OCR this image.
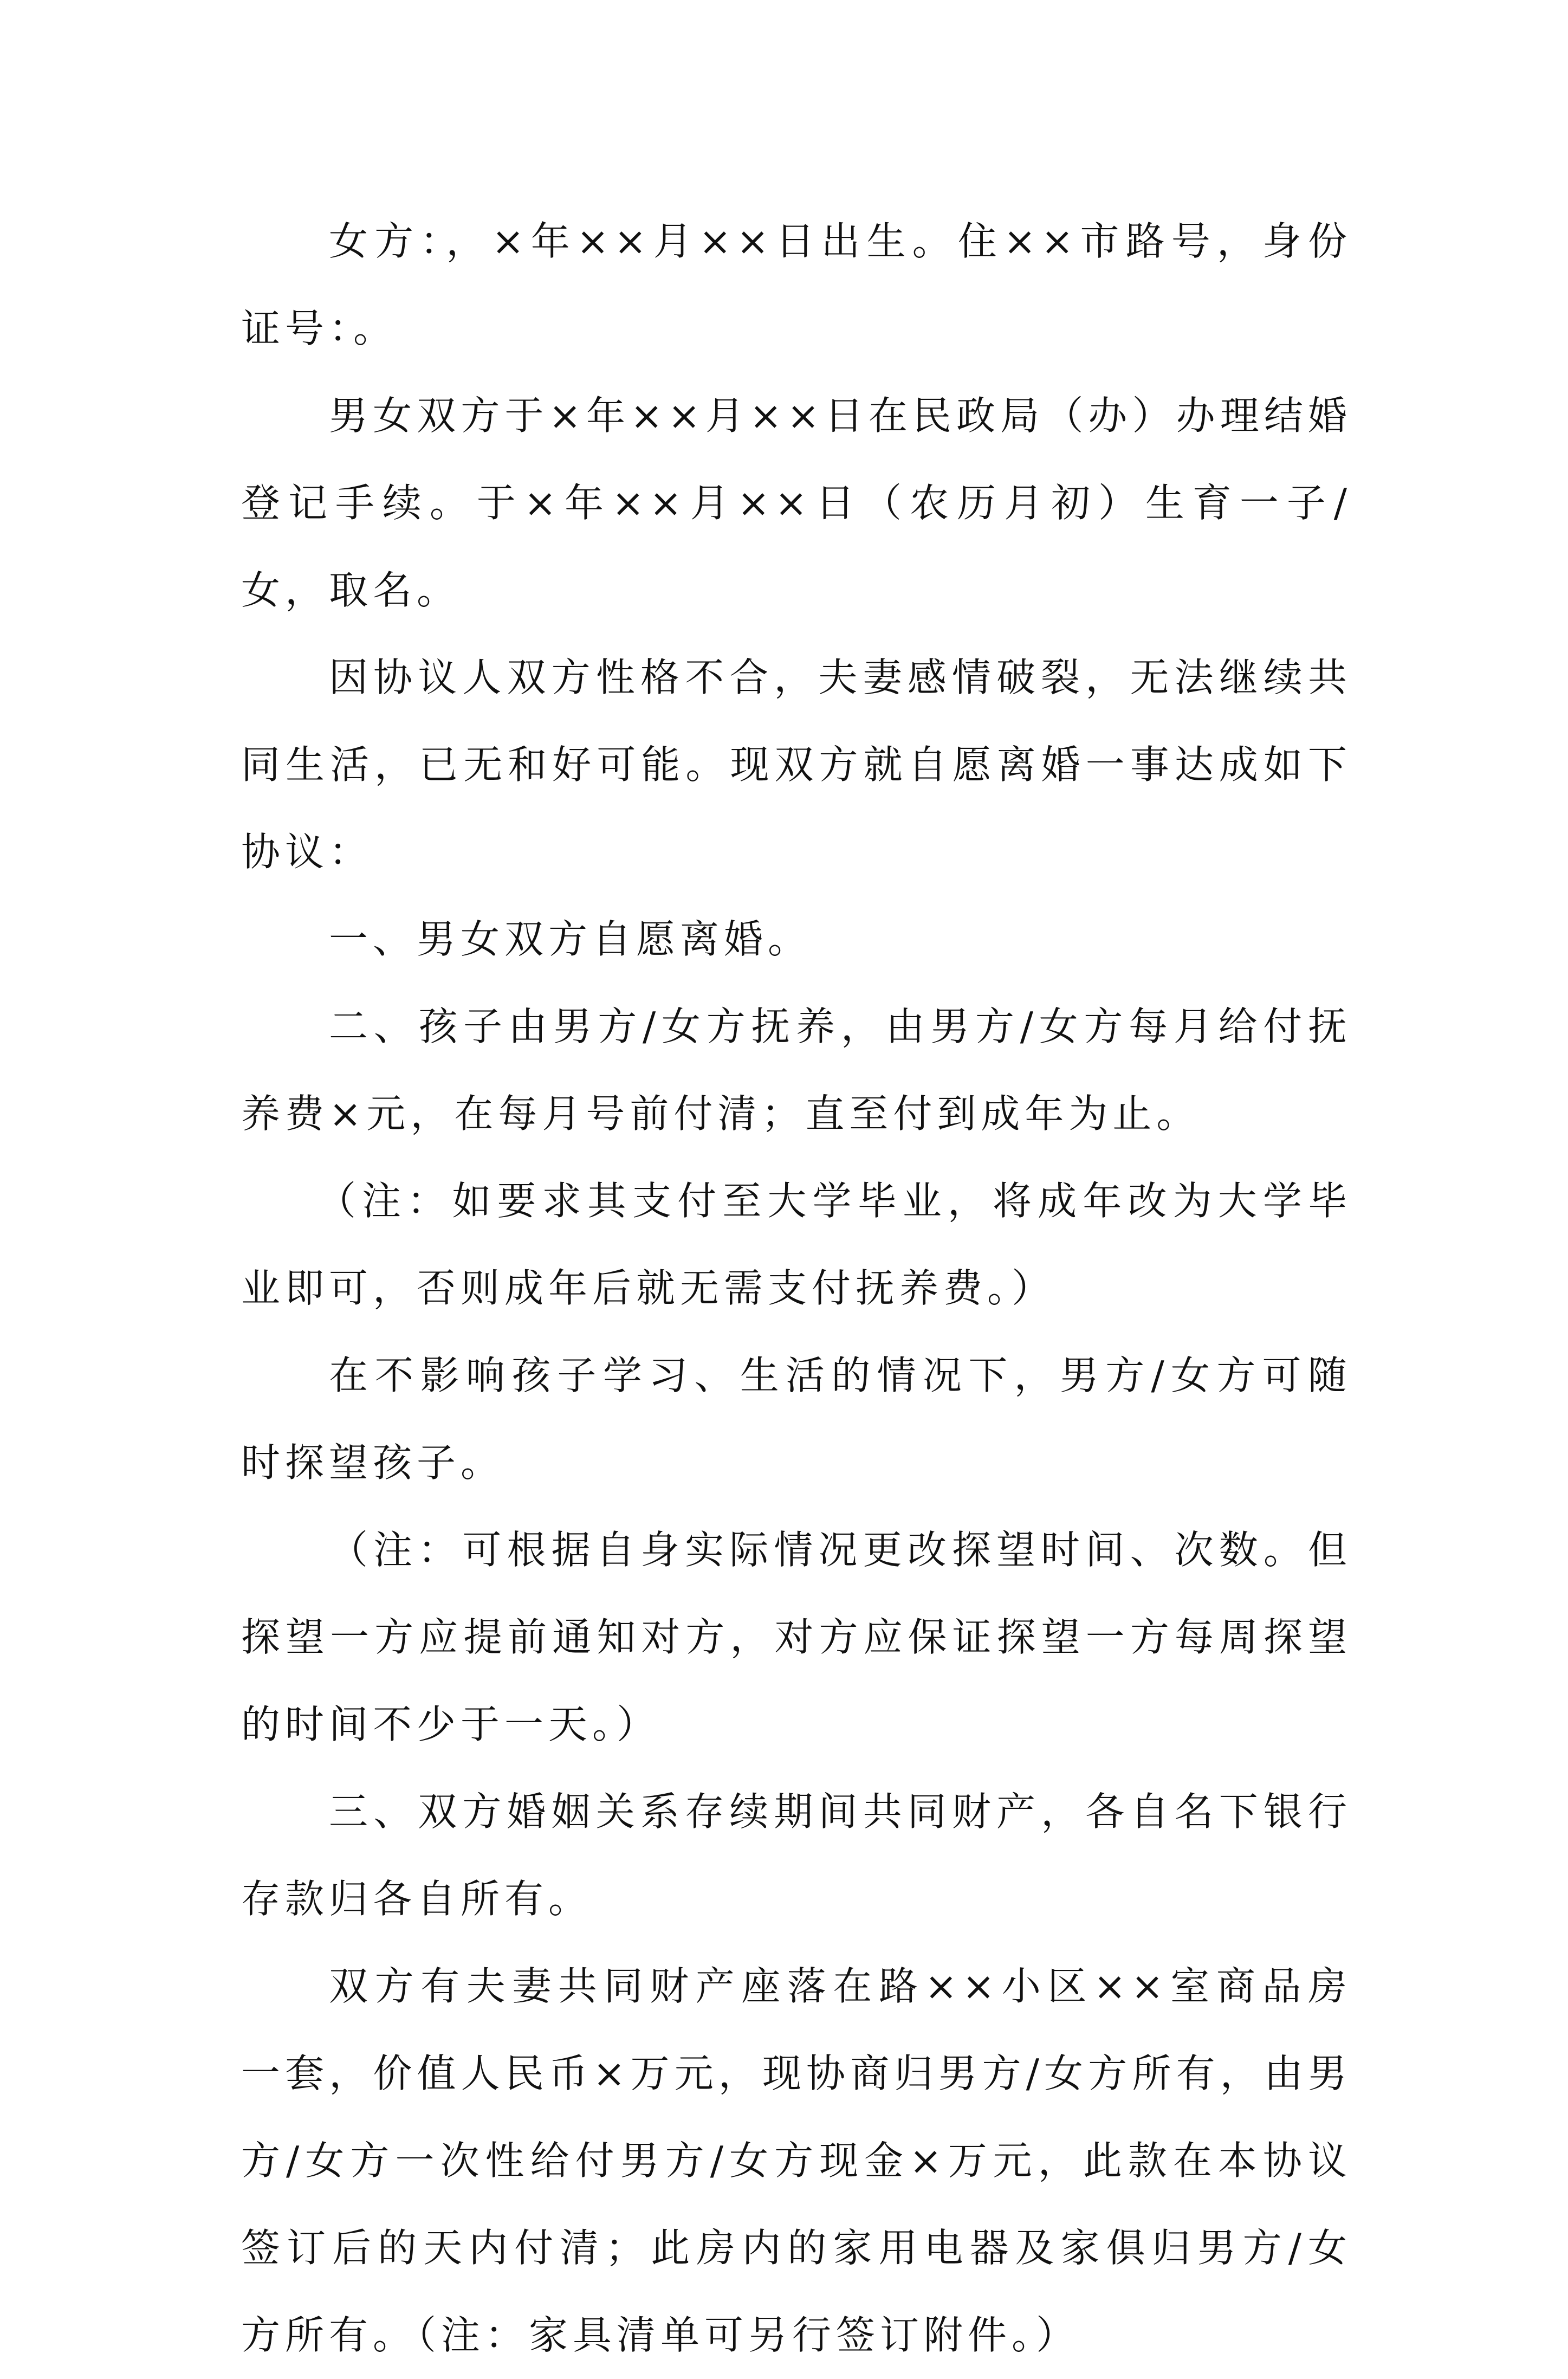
女方：，×年××月××日出生。住××市路号，身份证号：。

男女双方于×年××月××日在民政局（办）办理结婚登记手续。于×年××月××日（农历月初）生育一子/女，取名。

因协议人双方性格不合，夫妻感情破裂，无法继续共同生活，已无和好可能。现双方就自愿离婚一事达成如下协议：

一、男女双方自愿离婚。

二、孩子由男方/女方抚养，由男方/女方每月给付抚养费×元，在每月号前付清；直至付到成年为止。

（注：如要求其支付至大学毕业，将成年改为大学毕业即可，否则成年后就无需支付抚养费。）

在不影响孩子学习、生活的情况下，男方/女方可随时探望孩子。

（注：可根据自身实际情况更改探望时间、次数。但探望一方应提前通知对方，对方应保证探望一方每周探望的时间不少于一天。）

三、双方婚姻关系存续期间共同财产，各自名下银行存款归各自所有。

双方有夫妻共同财产座落在路××小区××室商品房一套，价值人民币×万元，现协商归男方/女方所有，由男方/女方一次性给付男方/女方现金×万元，此款在本协议签订后的天内付清；此房内的家用电器及家俱归男方/女方所有。（注：家具清单可另行签订附件。）
